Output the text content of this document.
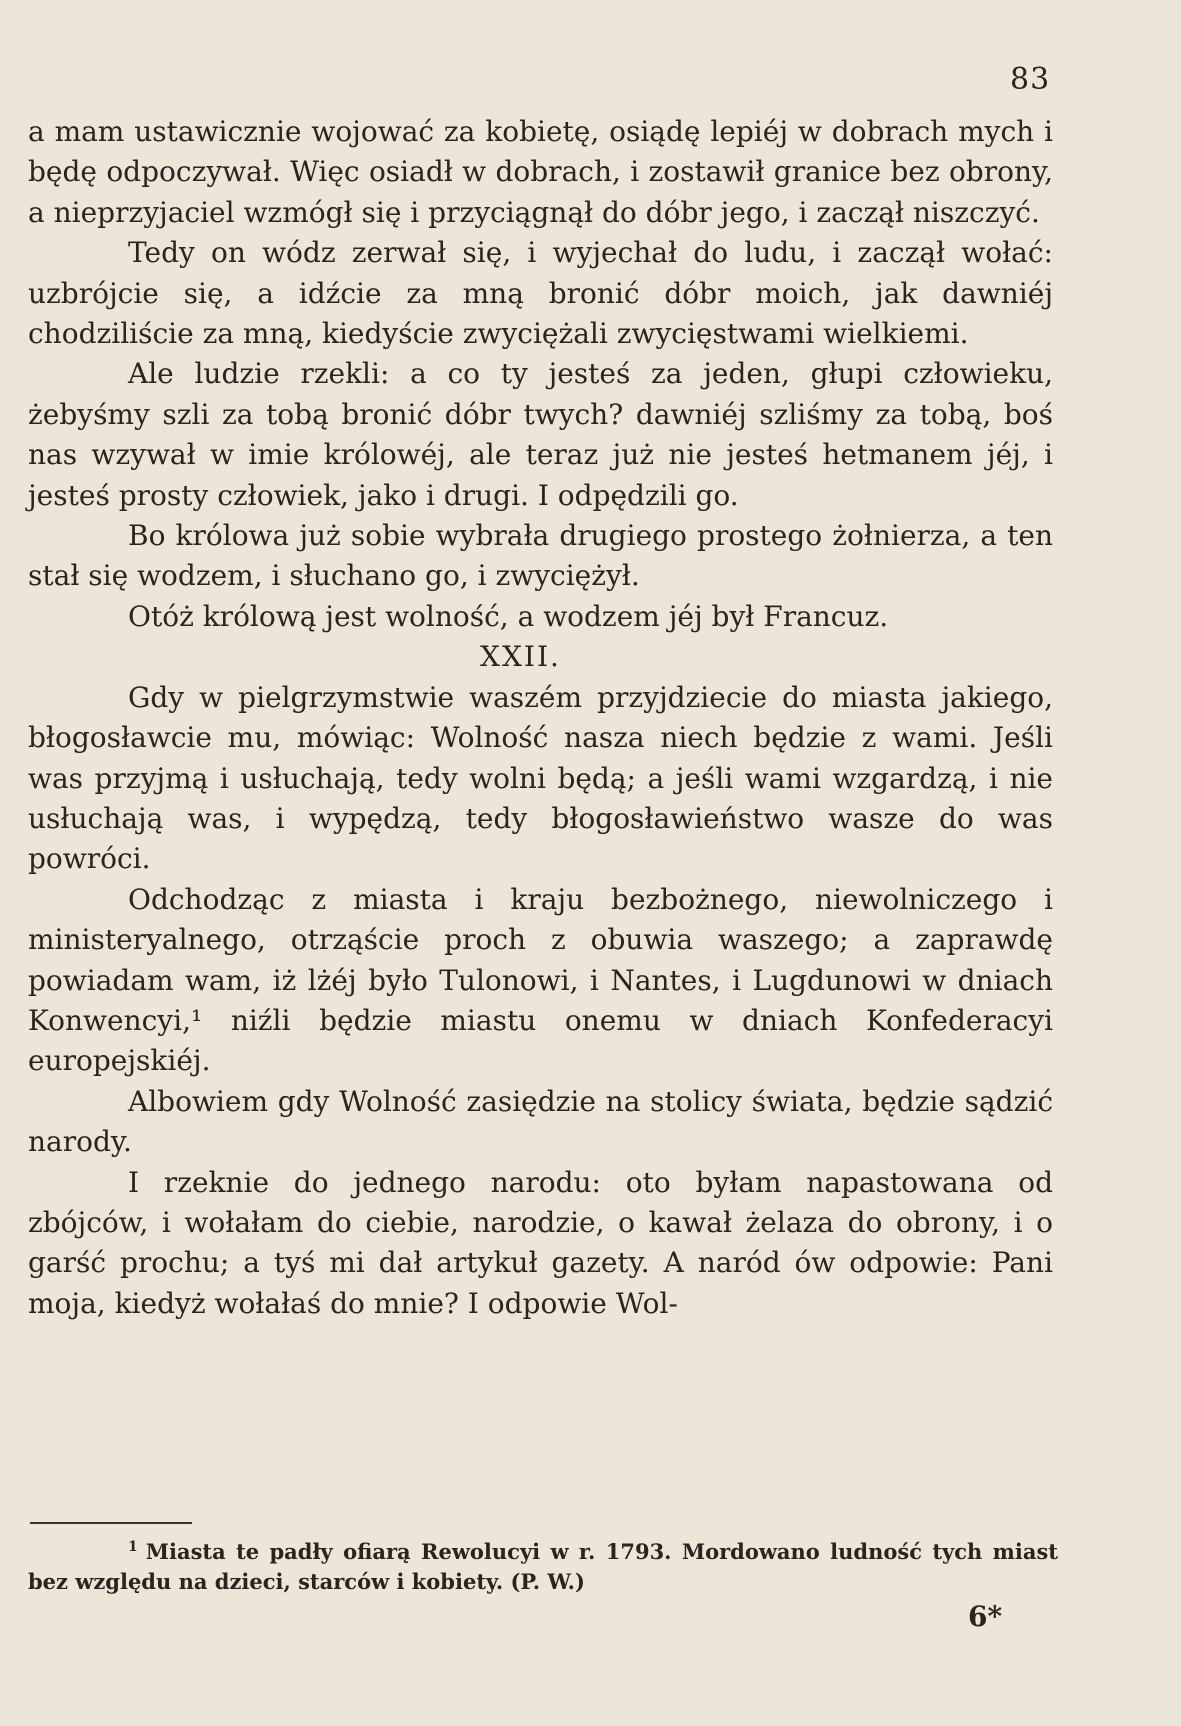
83

a mam ustawicznie wojować za kobietę, osiądę lepiéj w dobrach mych i będę odpoczywał. Więc osiadł w dobrach, i zostawił granice bez obrony, a nieprzyjaciel wzmógł się i przyciągnął do dóbr jego, i zaczął niszczyć.

Tedy on wódz zerwał się, i wyjechał do ludu, i zaczął wołać: uzbrójcie się, a idźcie za mną bronić dóbr moich, jak dawniéj chodziliście za mną, kiedyście zwyciężali zwycięstwami wielkiemi.

Ale ludzie rzekli: a co ty jesteś za jeden, głupi człowieku, żebyśmy szli za tobą bronić dóbr twych? dawniéj szliśmy za tobą, boś nas wzywał w imie królowéj, ale teraz już nie jesteś hetmanem jéj, i jesteś prosty człowiek, jako i drugi. I odpędzili go.

Bo królowa już sobie wybrała drugiego prostego żołnierza, a ten stał się wodzem, i słuchano go, i zwyciężył.

Otóż królową jest wolność, a wodzem jéj był Francuz.

XXII.

Gdy w pielgrzymstwie waszém przyjdziecie do miasta jakiego, błogosławcie mu, mówiąc: Wolność nasza niech będzie z wami. Jeśli was przyjmą i usłuchają, tedy wolni będą; a jeśli wami wzgardzą, i nie usłuchają was, i wypędzą, tedy błogosławieństwo wasze do was powróci.

Odchodząc z miasta i kraju bezbożnego, niewolniczego i ministeryalnego, otrząście proch z obuwia waszego; a zaprawdę powiadam wam, iż lżéj było Tulonowi, i Nantes, i Lugdunowi w dniach Konwencyi,¹ niźli będzie miastu onemu w dniach Konfederacyi europejskiéj.

Albowiem gdy Wolność zasiędzie na stolicy świata, będzie sądzić narody.

I rzeknie do jednego narodu: oto byłam napastowana od zbójców, i wołałam do ciebie, narodzie, o kawał żelaza do obrony, i o garść prochu; a tyś mi dał artykuł gazety. A naród ów odpowie: Pani moja, kiedyż wołałaś do mnie? I odpowie Wol-

$^1$ Miasta te padły ofiarą Rewolucyi w r. 1793. Mordowano ludność tych miast bez względu na dzieci, starców i kobiety. (P. W.)
6*
